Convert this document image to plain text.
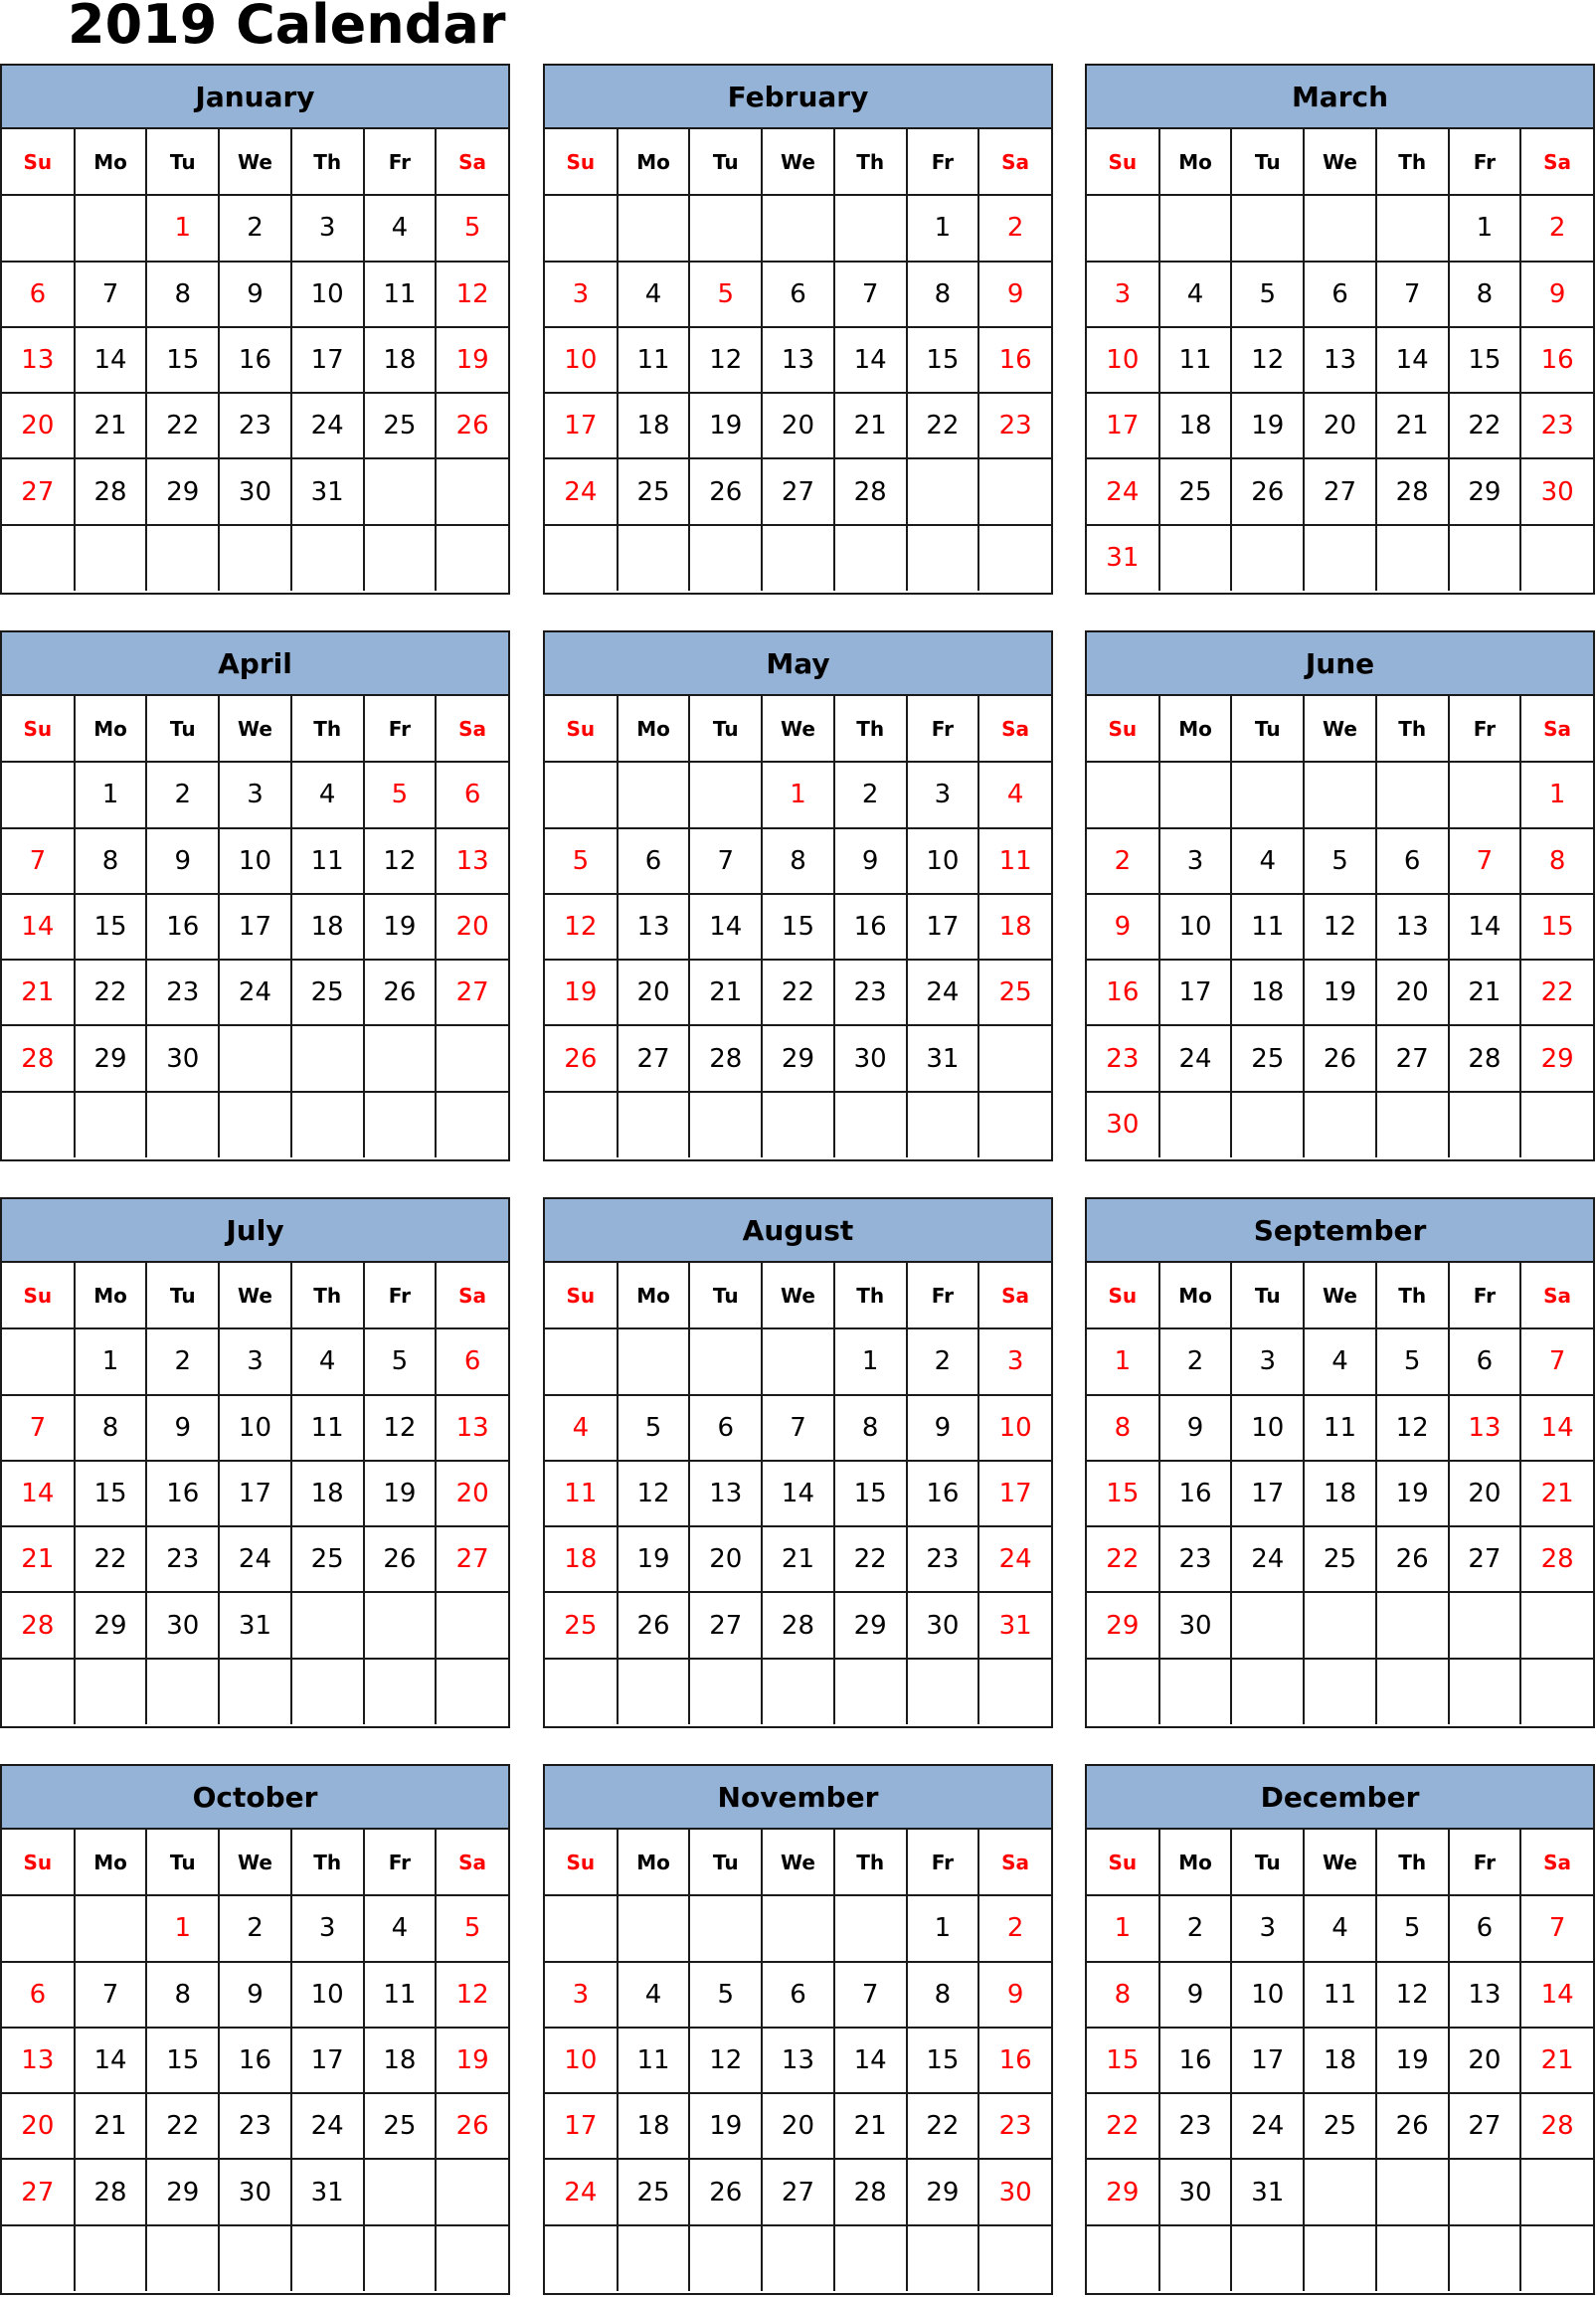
2019 Calendar
January
Su	Mo	Tu	We	Th	Fr	Sa
		1	2	3	4	5
6	7	8	9	10	11	12
13	14	15	16	17	18	19
20	21	22	23	24	25	26
27	28	29	30	31		

February
Su	Mo	Tu	We	Th	Fr	Sa
					1	2
3	4	5	6	7	8	9
10	11	12	13	14	15	16
17	18	19	20	21	22	23
24	25	26	27	28		

March
Su	Mo	Tu	We	Th	Fr	Sa
					1	2
3	4	5	6	7	8	9
10	11	12	13	14	15	16
17	18	19	20	21	22	23
24	25	26	27	28	29	30
31						
April
Su	Mo	Tu	We	Th	Fr	Sa
	1	2	3	4	5	6
7	8	9	10	11	12	13
14	15	16	17	18	19	20
21	22	23	24	25	26	27
28	29	30				

May
Su	Mo	Tu	We	Th	Fr	Sa
			1	2	3	4
5	6	7	8	9	10	11
12	13	14	15	16	17	18
19	20	21	22	23	24	25
26	27	28	29	30	31	

June
Su	Mo	Tu	We	Th	Fr	Sa
						1
2	3	4	5	6	7	8
9	10	11	12	13	14	15
16	17	18	19	20	21	22
23	24	25	26	27	28	29
30						
July
Su	Mo	Tu	We	Th	Fr	Sa
	1	2	3	4	5	6
7	8	9	10	11	12	13
14	15	16	17	18	19	20
21	22	23	24	25	26	27
28	29	30	31			

August
Su	Mo	Tu	We	Th	Fr	Sa
				1	2	3
4	5	6	7	8	9	10
11	12	13	14	15	16	17
18	19	20	21	22	23	24
25	26	27	28	29	30	31

September
Su	Mo	Tu	We	Th	Fr	Sa
1	2	3	4	5	6	7
8	9	10	11	12	13	14
15	16	17	18	19	20	21
22	23	24	25	26	27	28
29	30					

October
Su	Mo	Tu	We	Th	Fr	Sa
		1	2	3	4	5
6	7	8	9	10	11	12
13	14	15	16	17	18	19
20	21	22	23	24	25	26
27	28	29	30	31		

November
Su	Mo	Tu	We	Th	Fr	Sa
					1	2
3	4	5	6	7	8	9
10	11	12	13	14	15	16
17	18	19	20	21	22	23
24	25	26	27	28	29	30

December
Su	Mo	Tu	We	Th	Fr	Sa
1	2	3	4	5	6	7
8	9	10	11	12	13	14
15	16	17	18	19	20	21
22	23	24	25	26	27	28
29	30	31				
